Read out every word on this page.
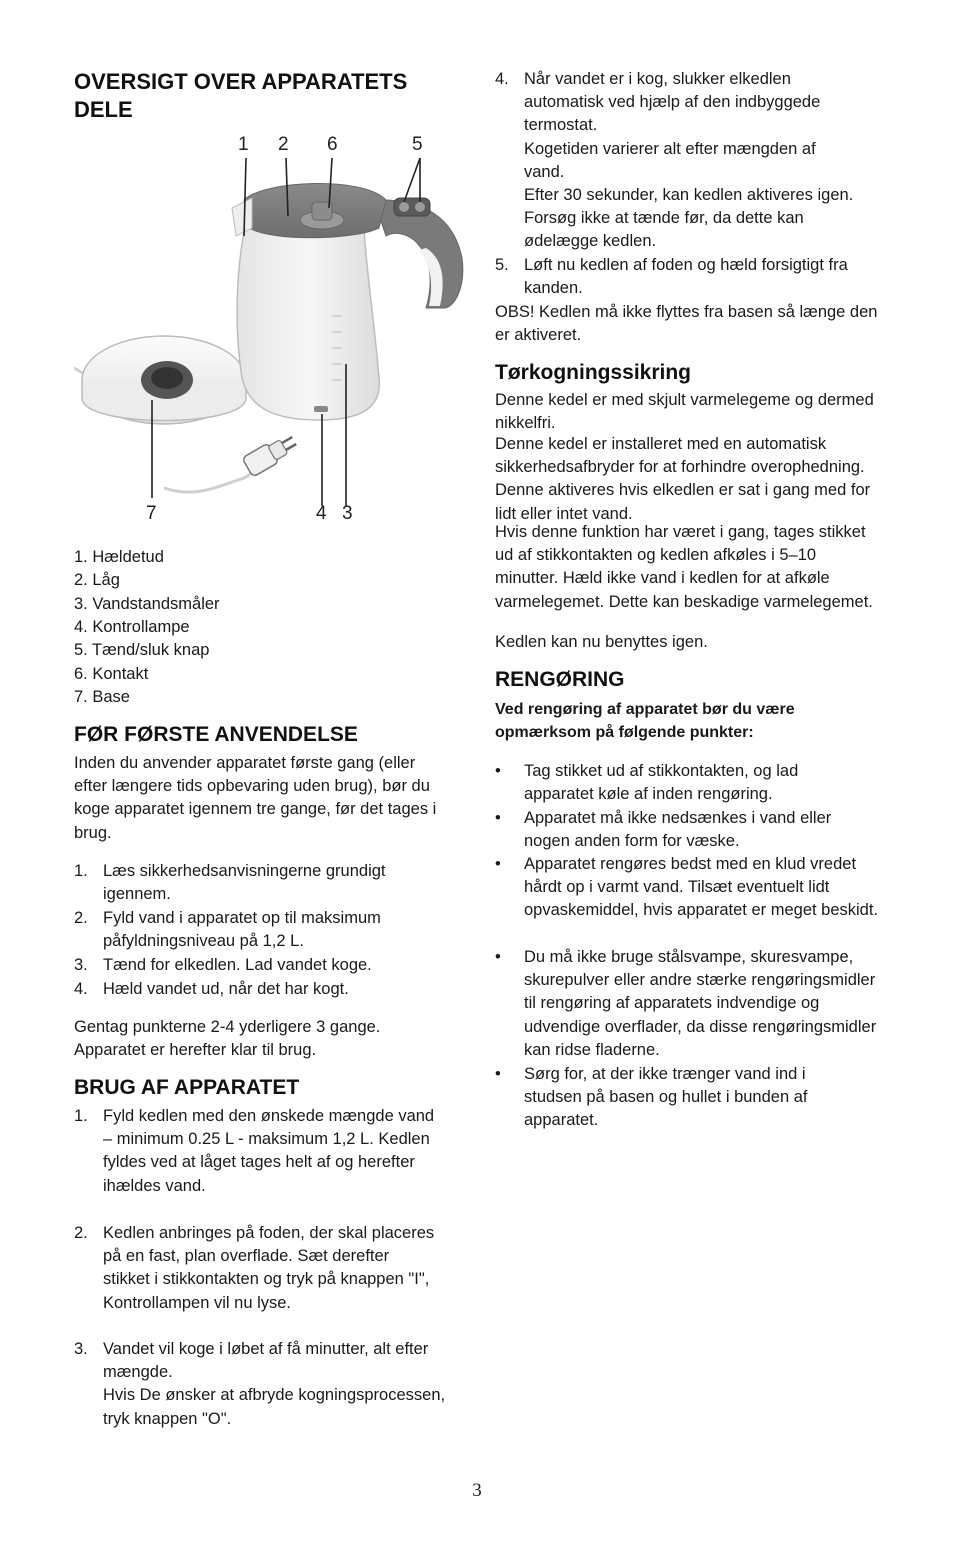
OVERSIGT OVER APPARATETS DELE
1 2 6	5
7	4 3
1. Hældetud
2. Låg
3. Vandstandsmåler
4. Kontrollampe
5. Tænd/sluk knap
6. Kontakt
7. Base
FØR FØRSTE ANVENDELSE
Inden du anvender apparatet første gang (eller efter længere tids opbevaring uden brug), bør du koge apparatet igennem tre gange, før det tages i brug.
1. Læs sikkerhedsanvisningerne grundigt igennem.
2. Fyld vand i apparatet op til maksimum påfyldningsniveau på 1,2 L.
3. Tænd for elkedlen. Lad vandet koge.
4. Hæld vandet ud, når det har kogt.
Gentag punkterne 2-4 yderligere 3 gange. Apparatet er herefter klar til brug.
BRUG AF APPARATET
1. Fyld kedlen med den ønskede mængde vand – minimum 0.25 L - maksimum 1,2 L. Kedlen
fyldes ved at låget tages helt af og herefter ihældes vand.
2. Kedlen anbringes på foden, der skal placeres på en fast, plan overflade. Sæt derefter
stikket i stikkontakten og tryk på knappen "I", Kontrollampen vil nu lyse.
3. Vandet vil koge i løbet af få minutter, alt efter mængde.
Hvis De ønsker at afbryde kogningsprocessen, tryk knappen "O".
4. Når vandet er i kog, slukker elkedlen automatisk ved hjælp af den indbyggede termostat.
Kogetiden varierer alt efter mængden af vand.
Efter 30 sekunder, kan kedlen aktiveres igen.
Forsøg ikke at tænde før, da dette kan ødelægge kedlen.
5. Løft nu kedlen af foden og hæld forsigtigt fra kanden.
OBS! Kedlen må ikke flyttes fra basen så længe den er aktiveret.
Tørkogningssikring
Denne kedel er med skjult varmelegeme og dermed nikkelfri.
Denne kedel er installeret med en automatisk sikkerhedsafbryder for at forhindre overophedning. Denne aktiveres hvis elkedlen er sat i gang med for lidt eller intet vand.
Hvis denne funktion har været i gang, tages stikket ud af stikkontakten og kedlen afkøles i 5–10 minutter. Hæld ikke vand i kedlen for at afkøle varmelegemet. Dette kan beskadige varmelegemet.
Kedlen kan nu benyttes igen.
RENGØRING
Ved rengøring af apparatet bør du være opmærksom på følgende punkter:
•	Tag stikket ud af stikkontakten, og lad apparatet køle af inden rengøring.
•	Apparatet må ikke nedsænkes i vand eller nogen anden form for væske.
•	Apparatet rengøres bedst med en klud vredet hårdt op i varmt vand. Tilsæt eventuelt lidt opvaskemiddel, hvis apparatet er meget beskidt.
•	Du må ikke bruge stålsvampe, skuresvampe, skurepulver eller andre stærke rengøringsmidler til rengøring af apparatets indvendige og udvendige overflader, da disse rengøringsmidler kan ridse fladerne.
•	Sørg for, at der ikke trænger vand ind i studsen på basen og hullet i bunden af apparatet.
3
